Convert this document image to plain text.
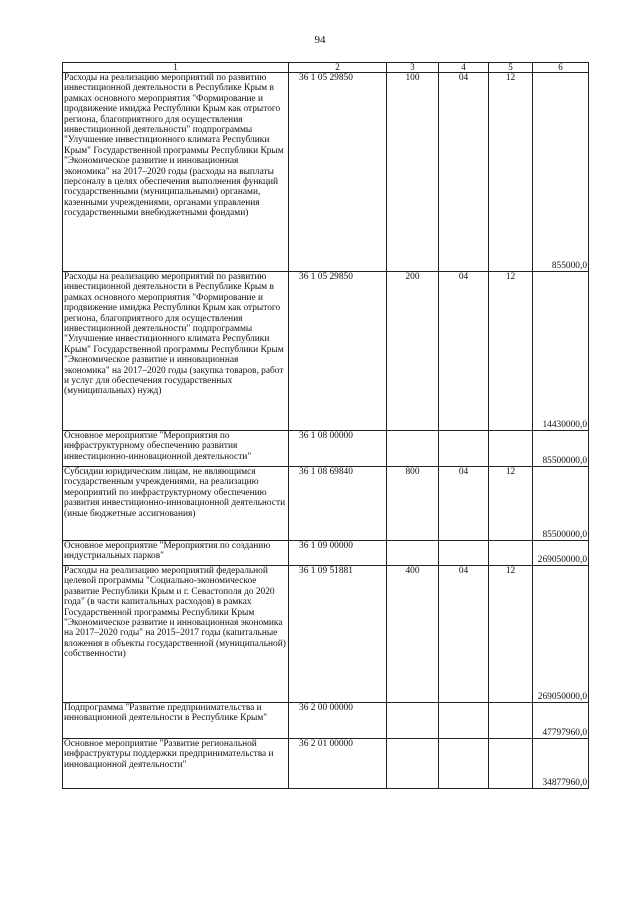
94
1	2	3	4	5	6
Расходы на реализацию мероприятий по развитию инвестиционной деятельности в Республике Крым в рамках основного мероприятия "Формирование и продвижение имиджа Республики Крым как отрытого региона, благоприятного для осуществления инвестиционной деятельности" подпрограммы "Улучшение инвестиционного климата Республики Крым" Государственной программы Республики Крым "Экономическое развитие и инновационная экономика" на 2017–2020 годы (расходы на выплаты персоналу в целях обеспечения выполнения функций государственными (муниципальными) органами, казенными учреждениями, органами управления государственными внебюджетными фондами)	36 1 05 29850	100	04	12	855000,0
Расходы на реализацию мероприятий по развитию инвестиционной деятельности в Республике Крым в рамках основного мероприятия "Формирование и продвижение имиджа Республики Крым как отрытого региона, благоприятного для осуществления инвестиционной деятельности" подпрограммы "Улучшение инвестиционного климата Республики Крым" Государственной программы Республики Крым "Экономическое развитие и инновационная экономика" на 2017–2020 годы (закупка товаров, работ и услуг для обеспечения государственных (муниципальных) нужд)	36 1 05 29850	200	04	12	14430000,0
Основное мероприятие "Мероприятия по инфраструктурному обеспечению развития инвестиционно-инновационной деятельности"	36 1 08 00000				85500000,0
Субсидии юридическим лицам, не являющимся государственным учреждениями, на реализацию мероприятий по инфраструктурному обеспечению развития инвестиционно-инновационной деятельности (иные бюджетные ассигнования)	36 1 08 69840	800	04	12	85500000,0
Основное мероприятие "Мероприятия по созданию индустриальных парков"	36 1 09 00000				269050000,0
Расходы на реализацию мероприятий федеральной целевой программы "Социально-экономическое развитие Республики Крым и г. Севастополя до 2020 года" (в части капитальных расходов) в рамках Государственной программы Республики Крым "Экономическое развитие и инновационная экономика на 2017–2020 годы" на 2015–2017 годы (капитальные вложения в объекты государственной (муниципальной) собственности)	36 1 09 51881	400	04	12	269050000,0
Подпрограмма "Развитие предпринимательства и инновационной деятельности в Республике Крым"	36 2 00 00000				47797960,0
Основное мероприятие "Развитие региональной инфраструктуры поддержки предпринимательства и инновационной деятельности"	36 2 01 00000				34877960,0
